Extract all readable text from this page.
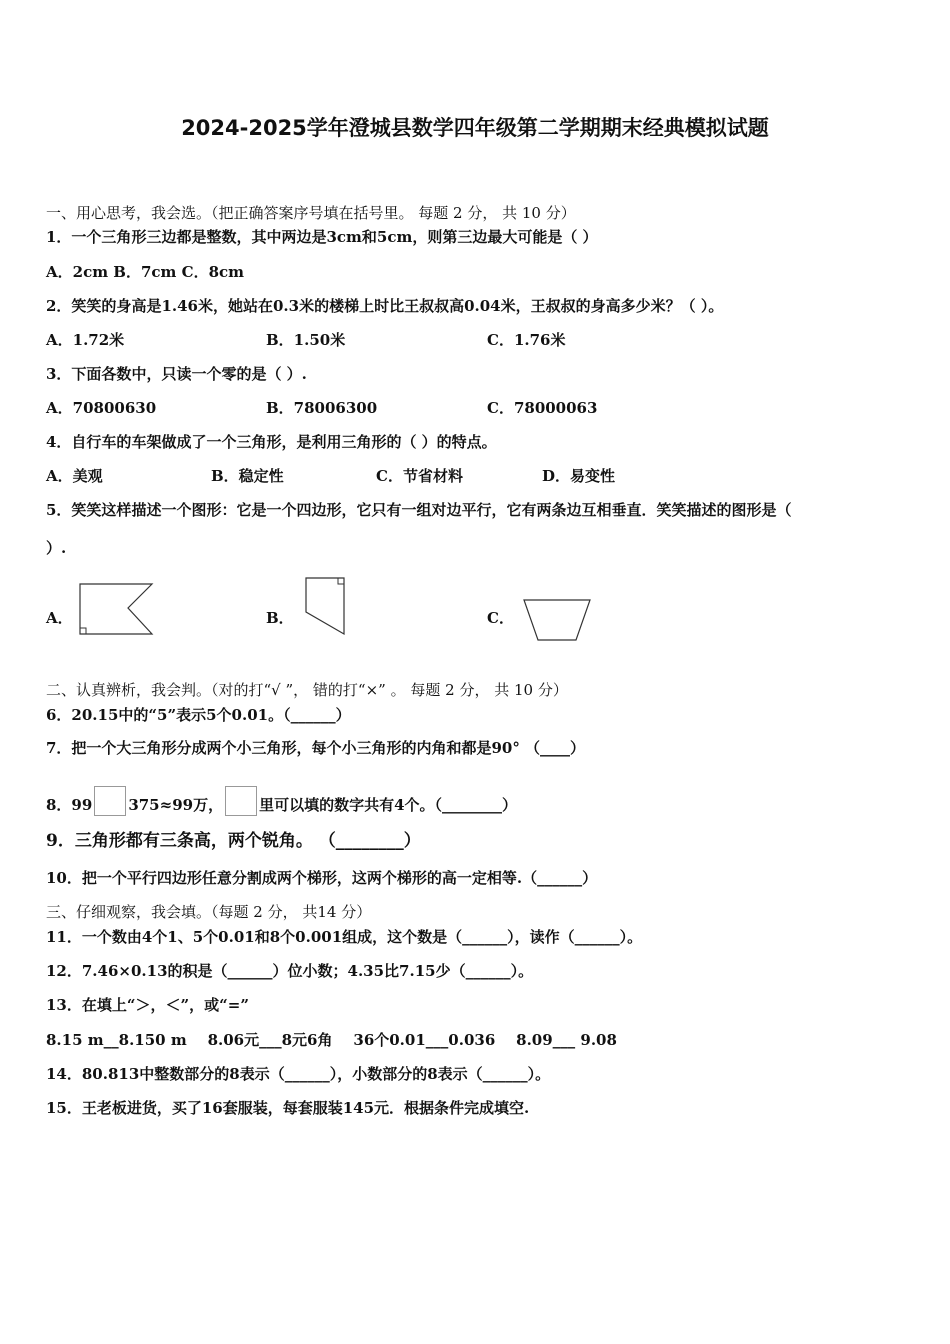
2024-2025学年澄城县数学四年级第二学期期末经典模拟试题
一、用心思考，我会选。（把正确答案序号填在括号里。 每题 2 分， 共 10 分）
1．一个三角形三边都是整数，其中两边是3cm和5cm，则第三边最大可能是（ ）
A．2cm B．7cm C．8cm
2．笑笑的身高是1.46米，她站在0.3米的楼梯上时比王叔叔高0.04米，王叔叔的身高多少米？（ ）。
A．1.72米	B．1.50米	C．1.76米
3．下面各数中，只读一个零的是（ ）.
A．70800630	B．78006300	C．78000063
4．自行车的车架做成了一个三角形，是利用三角形的（ ）的特点。
A．美观	B．稳定性	C．节省材料	D．易变性
5．笑笑这样描述一个图形：它是一个四边形，它只有一组对边平行，它有两条边互相垂直．笑笑描述的图形是（
）.
A．	B．	C．
二、认真辨析，我会判。（对的打“√ ”， 错的打“×” 。 每题 2 分， 共 10 分）
6．20.15中的“5”表示5个0.01。（______）
7．把一个大三角形分成两个小三角形，每个小三角形的内角和都是90° （____）
8．99 375≈99万， 里可以填的数字共有4个。（________）
9．三角形都有三条高，两个锐角。 （________）
10．把一个平行四边形任意分割成两个梯形，这两个梯形的高一定相等.（______）
三、仔细观察，我会填。（每题 2 分， 共14 分）
11．一个数由4个1、5个0.01和8个0.001组成，这个数是（______），读作（______）。
12．7.46×0.13的积是（______）位小数；4.35比7.15少（______）。
13．在填上“＞，＜”，或“=”
8.15 m__8.150 m    8.06元___8元6角    36个0.01___0.036    8.09___ 9.08
14．80.813中整数部分的8表示（______），小数部分的8表示（______）。
15．王老板进货，买了16套服装，每套服装145元．根据条件完成填空.
